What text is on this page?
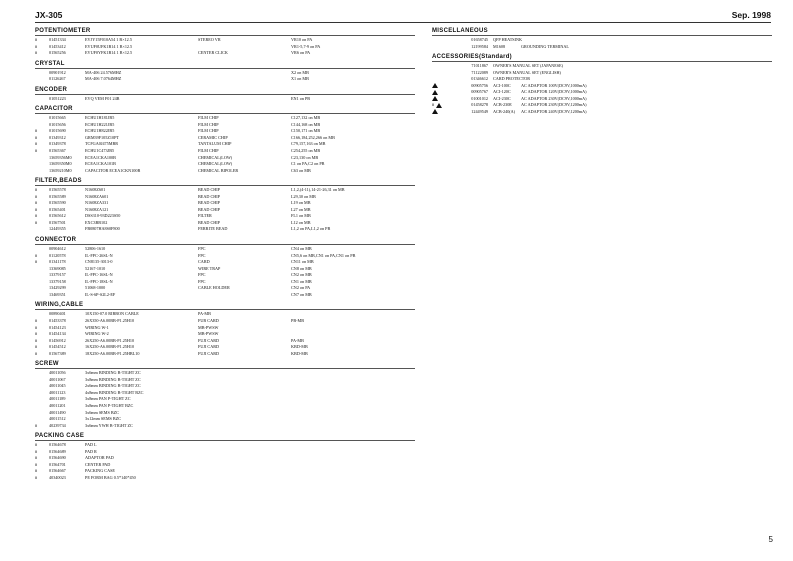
JX-305	Sep. 1998
POTENTIOMETER
#	01451334	EVJY15F010A54 1 B×12.5	STEREO VR	VR10 on PA
#	01453412	EVUF0UFK1B14 1 B×12.5	VR1-5,7-9 on PA
#	01565256	EVUF0YFK1B14 1 B×12.5	CENTER CLICK	VR6 on PA
CRYSTAL
00901912	MA-406 24.576MHZ	X2 on MB
01126267	MA-406 7.0764MHZ	X1 on MB
ENCODER
01051223	EVQ VEM F01 24B	EN1 on PB
CAPACITOR
01015665	ECHU1H181JB5	FILM CHIP	C127,132 on MB
01015656	ECHU1H221JB5	FILM CHIP	C144,168 on MB
#	01015690	ECHU1H822JB5	FILM CHIP	C150,171 on MB
#	01349312	GRM39F105Z10PT	CERAMIC CHIP	C166,184,252,266 on MB
#	01349378	TCFGA0J475MBR	TANTALUM CHIP	C79,157,163 on MB
#	01565367	ECHU1C473JB5	FILM CHIP	C254,255 on MB
13659356M0	ECEA1CKA100B	CHEMICAL(LOW)	C23,130 on MB
13659350M0	ECEA1CKA101B	CHEMICAL(LOW)	C1 on PA,C2 on PB
13659210M0	CAPACITOR ECEA1CKN100B	CHEMICAL BIPOLER	C63 on MB
FILTER,BEADS
#	01565578	N1608Z601	BEAD CHIP	L1,2,(4-11),14-21-26,31 on MB
#	01565589	N1608ZA601	BEAD CHIP	L29,30 on MB
#	01565590	N1608ZA331	BEAD CHIP	L19 on MB
#	01565401	N1608ZA121	BEAD CHIP	L27 on MB
#	01565612	DSS310-93D223S50	FILTER	FL1 on MB
#	01567501	EXC3BB102	BEAD CHIP	L12 on MB
12449355	FB0807HA8S0F800	FERRITE BEAD	L1,2 on PA,L1,2 on PB
CONNECTOR
00904612	52806-1610	FPC	CN4 on MB
#	01120578	IL-FPC-26SL-N	FPC	CN5,6 on MB,CN1 on PA,CN1 on PB
#	01341178	CN8135-3013-0	CARD	CN11 on MB
13369085	52167-1010	WIRE TRAP	CN8 on MB
13379157	IL-FPC-16SL-N	FPC	CN2 on MB
13379158	IL-FPC-18SL-N	FPC	CN1 on MB
13429299	51068-1000	CABLE HOLDER	CN2 on PA
13469351	IL-S-6P-S2L2-EF	CN7 on MB
WIRING,CABLE
00890401	10X150-07.0 RIBBON CABLE	PA-MB
#	01453378	26X350-A6.00BB-P1.25H10	FUB CARD	PB-MB
#	01454123	WIRING W-1	MB-PWSW
#	01454134	WIRING W-2	MB-PWSW
#	01456912	26X250-A6.00BB-P1.25H10	FUJI CARD	PA-MB
#	01454512	16X250-A6.00BB-P1.25H10	FUJI CARD	KBD-MB
#	01567389	18X250-A6.00BB-P1.25HBL10	FUJI CARD	KBD-MB
SCREW
40011056	3x6mm BINDING B-TIGHT ZC
40011067	3x8mm BINDING B-TIGHT ZC
40011045	2x6mm BINDING B-TIGHT ZC
40011123	4x8mm BINDING B-TIGHT BZC
40011189	3x8mm PAN P-TIGHT ZC
40011201	3x8mm PAN P-TIGHT BZC
40011490	3x6mm SEMS BZC
40011512	3x12mm SEMS BZC
#	40239734	3x6mm YWH B-TIGHT ZC
PACKING CASE
#	01564678	PAD L
#	01564689	PAD R
#	01564690	ADAPTOR PAD
#	01564701	CENTER PAD
#	01564667	PACKING CASE
#	40340023	PE FORM BAG 0.5*140*450
MISCELLANEOUS
01658745 QFP HEATSINK
12199584 M1608	GROUNDING TERMINAL
ACCESSORIES(Standard)
71011867 OWNER'S MANUAL SET (JAPANESE)
71122089 OWNER'S MANUAL SET (ENGLISH)
01346612 CARD PROTECTOR
00905756 ACI-100C AC ADAPTOR 100V(DC9V,1000mA)
00905767 ACI-120C AC ADAPTOR 120V(DC9V,1000mA)
01001012 ACI-230C AC ADAPTOR 230V(DC9V,1000mA)
#	01458278 ACB-230E AC ADAPTOR 230V(DC9V,1200mA)
12449549 ACB-240(A) AC ADAPTOR 240V(DC9V,1200mA)
5
